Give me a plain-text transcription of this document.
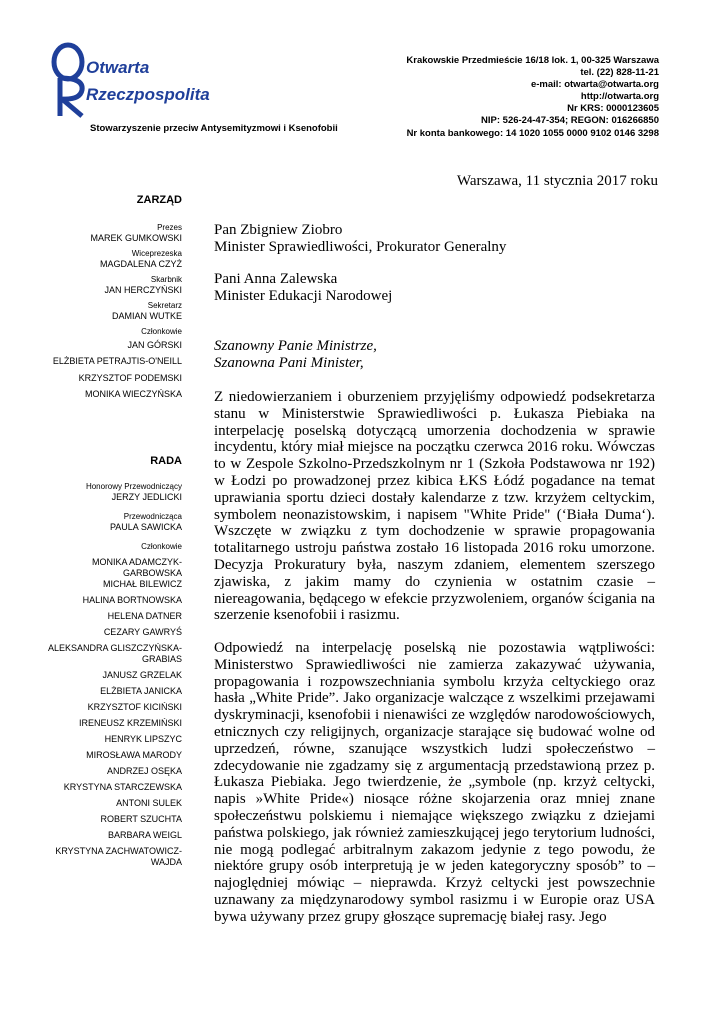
Otwarta
Rzeczpospolita
Stowarzyszenie przeciw Antysemityzmowi i Ksenofobii
Krakowskie Przedmieście 16/18 lok. 1, 00-325 Warszawa
tel. (22) 828-11-21
e-mail: otwarta@otwarta.org
http://otwarta.org
Nr KRS: 0000123605
NIP: 526-24-47-354; REGON: 016266850
Nr konta bankowego: 14 1020 1055 0000 9102 0146 3298
Warszawa, 11 stycznia 2017 roku
ZARZĄD
Prezes
MAREK GUMKOWSKI
Wiceprezeska
MAGDALENA CZYŻ
Skarbnik
JAN HERCZYŃSKI
Sekretarz
DAMIAN WUTKE
Członkowie
JAN GÓRSKI
ELŻBIETA PETRAJTIS-O'NEILL
KRZYSZTOF PODEMSKI
MONIKA WIECZYŃSKA
RADA
Honorowy Przewodniczący
JERZY JEDLICKI
Przewodnicząca
PAULA SAWICKA
Członkowie
MONIKA ADAMCZYK-
GARBOWSKA
MICHAŁ BILEWICZ
HALINA BORTNOWSKA
HELENA DATNER
CEZARY GAWRYŚ
ALEKSANDRA GLISZCZYŃSKA-
GRABIAS
JANUSZ GRZELAK
ELŻBIETA JANICKA
KRZYSZTOF KICIŃSKI
IRENEUSZ KRZEMIŃSKI
HENRYK LIPSZYC
MIROSŁAWA MARODY
ANDRZEJ OSĘKA
KRYSTYNA STARCZEWSKA
ANTONI SULEK
ROBERT SZUCHTA
BARBARA WEIGL
KRYSTYNA ZACHWATOWICZ-
WAJDA
Pan Zbigniew Ziobro
Minister Sprawiedliwości, Prokurator Generalny
Pani Anna Zalewska
Minister Edukacji Narodowej
Szanowny Panie Ministrze,
Szanowna Pani Minister,

Z niedowierzaniem i oburzeniem przyjęliśmy odpowiedź podsekretarza stanu w Ministerstwie Sprawiedliwości p. Łukasza Piebiaka na interpelację poselską dotyczącą umorzenia dochodzenia w sprawie incydentu, który miał miejsce na początku czerwca 2016 roku. Wówczas to w Zespole Szkolno-Przedszkolnym nr 1 (Szkoła Podstawowa nr 192) w Łodzi po prowadzonej przez kibica ŁKS Łódź pogadance na temat uprawiania sportu dzieci dostały kalendarze z tzw. krzyżem celtyckim, symbolem neonazistowskim, i napisem "White Pride" (‘Biała Duma‘). Wszczęte w związku z tym dochodzenie w sprawie propagowania totalitarnego ustroju państwa zostało 16 listopada 2016 roku umorzone. Decyzja Prokuratury była, naszym zdaniem, elementem szerszego zjawiska, z jakim mamy do czynienia w ostatnim czasie – niereagowania, będącego w efekcie przyzwoleniem, organów ścigania na szerzenie ksenofobii i rasizmu.

Odpowiedź na interpelację poselską nie pozostawia wątpliwości: Ministerstwo Sprawiedliwości nie zamierza zakazywać używania, propagowania i rozpowszechniania symbolu krzyża celtyckiego oraz hasła „White Pride”. Jako organizacje walczące z wszelkimi przejawami dyskryminacji, ksenofobii i nienawiści ze względów narodowościowych, etnicznych czy religijnych, organizacje starające się budować wolne od uprzedzeń, równe, szanujące wszystkich ludzi społeczeństwo – zdecydowanie nie zgadzamy się z argumentacją przedstawioną przez p. Łukasza Piebiaka. Jego twierdzenie, że „symbole (np. krzyż celtycki, napis »White Pride«) niosące różne skojarzenia oraz mniej znane społeczeństwu polskiemu i niemające większego związku z dziejami państwa polskiego, jak również zamieszkującej jego terytorium ludności, nie mogą podlegać arbitralnym zakazom jedynie z tego powodu, że niektóre grupy osób interpretują je w jeden kategoryczny sposób” to – najoględniej mówiąc – nieprawda. Krzyż celtycki jest powszechnie uznawany za międzynarodowy symbol rasizmu i w Europie oraz USA bywa używany przez grupy głoszące supremację białej rasy. Jego
